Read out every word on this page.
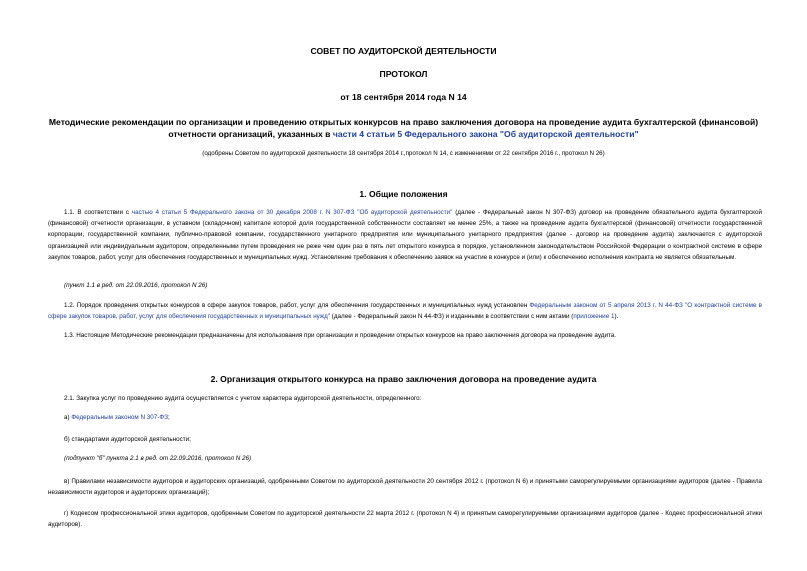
СОВЕТ ПО АУДИТОРСКОЙ ДЕЯТЕЛЬНОСТИ
ПРОТОКОЛ
от 18 сентября 2014 года N 14
Методические рекомендации по организации и проведению открытых конкурсов на право заключения договора на проведение аудита бухгалтерской (финансовой) отчетности организаций, указанных в части 4 статьи 5 Федерального закона "Об аудиторской деятельности"
(одобрены Советом по аудиторской деятельности 18 сентября 2014 г.,протокол N 14, с изменениями от 22 сентября 2016 г., протокол N 26)
1. Общие положения
1.1. В соответствии с частью 4 статьи 5 Федерального закона от 30 декабря 2008 г. N 307-ФЗ "Об аудиторской деятельности" (далее - Федеральный закон N 307-ФЗ) договор на проведение обязательного аудита бухгалтерской (финансовой) отчетности организации, в уставном (складочном) капитале которой доля государственной собственности составляет не менее 25%, а также на проведение аудита бухгалтерской (финансовой) отчетности государственной корпорации, государственной компании, публично-правовой компании, государственного унитарного предприятия или муниципального унитарного предприятия (далее - договор на проведение аудита) заключается с аудиторской организацией или индивидуальным аудитором, определенными путем проведения не реже чем один раз в пять лет открытого конкурса в порядке, установленном законодательством Российской Федерации о контрактной системе в сфере закупок товаров, работ, услуг для обеспечения государственных и муниципальных нужд. Установление требования к обеспечению заявок на участие в конкурсе и (или) к обеспечению исполнения контракта не является обязательным.
(пункт 1.1 в ред. от 22.09.2016, протокол N 26)
1.2. Порядок проведения открытых конкурсов в сфере закупок товаров, работ, услуг для обеспечения государственных и муниципальных нужд установлен Федеральным законом от 5 апреля 2013 г. N 44-ФЗ "О контрактной системе в сфере закупок товаров, работ, услуг для обеспечения государственных и муниципальных нужд" (далее - Федеральный закон N 44-ФЗ) и изданными в соответствии с ним актами (приложение 1).
1.3. Настоящие Методические рекомендации предназначены для использования при организации и проведении открытых конкурсов на право заключения договора на проведение аудита.
2. Организация открытого конкурса на право заключения договора на проведение аудита
2.1. Закупка услуг по проведению аудита осуществляется с учетом характера аудиторской деятельности, определенного:
а) Федеральным законом N 307-ФЗ;
б) стандартами аудиторской деятельности;
(подпункт "б" пункта 2.1 в ред. от 22.09.2016, протокол N 26)
в) Правилами независимости аудиторов и аудиторских организаций, одобренными Советом по аудиторской деятельности 20 сентября 2012 г. (протокол N 6) и принятыми саморегулируемыми организациями аудиторов (далее - Правила независимости аудиторов и аудиторских организаций);
г) Кодексом профессиональной этики аудиторов, одобренным Советом по аудиторской деятельности 22 марта 2012 г. (протокол N 4) и принятым саморегулируемыми организациями аудиторов (далее - Кодекс профессиональной этики аудиторов).
